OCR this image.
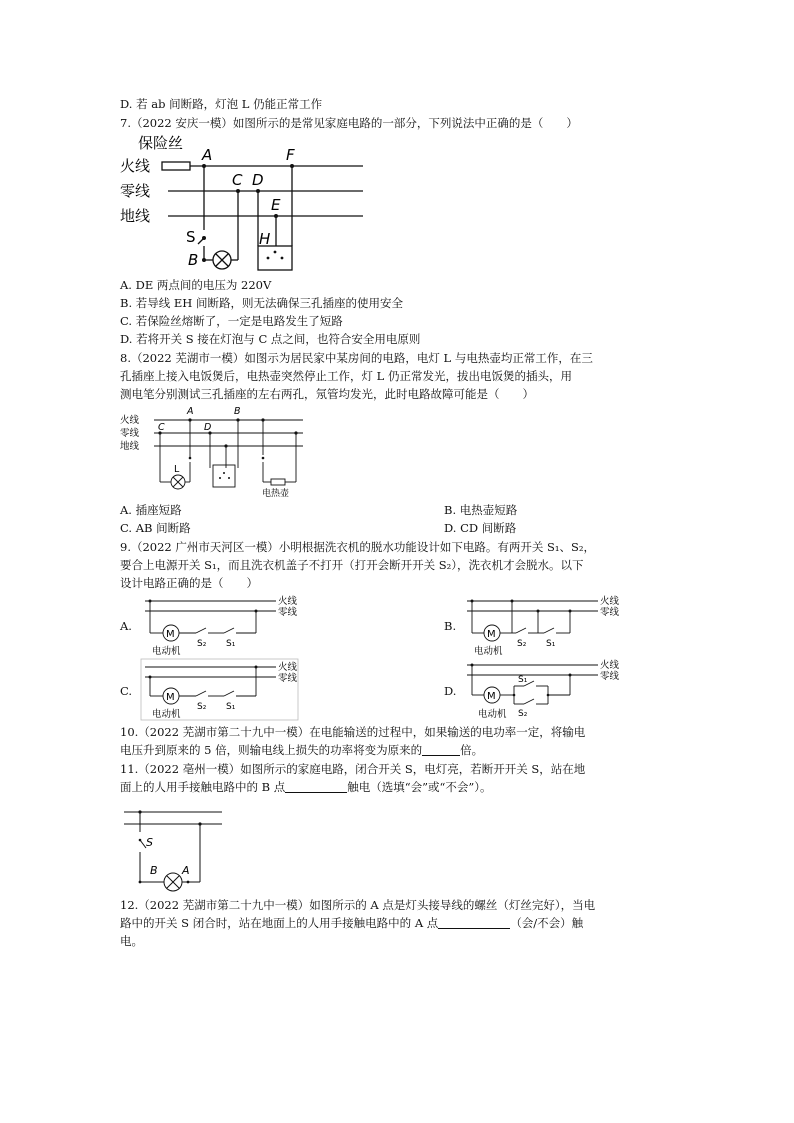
D. 若 ab 间断路，灯泡 L 仍能正常工作
7.（2022 安庆一模）如图所示的是常见家庭电路的一部分，下列说法中正确的是（　　）
火线
零线
地线
保险丝
A
C D
E
F
H
S
B
A. DE 两点间的电压为 220V
B. 若导线 EH 间断路，则无法确保三孔插座的使用安全
C. 若保险丝熔断了，一定是电路发生了短路
D. 若将开关 S 接在灯泡与 C 点之间，也符合安全用电原则
8.（2022 芜湖市一模）如图示为居民家中某房间的电路，电灯 L 与电热壶均正常工作，在三
孔插座上接入电饭煲后，电热壶突然停止工作，灯 L 仍正常发光，拔出电饭煲的插头，用
测电笔分别测试三孔插座的左右两孔，氖管均发光，此时电路故障可能是（　　）
火线
零线
地线
A	B
C	D
L
电热壶
A. 插座短路	B. 电热壶短路
C. AB 间断路	D. CD 间断路
9.（2022 广州市天河区一模）小明根据洗衣机的脱水功能设计如下电路。有两开关 S₁、S₂，
要合上电源开关 S₁，而且洗衣机盖子不打开（打开会断开开关 S₂），洗衣机才会脱水。以下
设计电路正确的是（　　）
A.
M
火线
零线
S₂ S₁
电动机
B.
M
火线
零线
S₂ S₁
电动机
C.	M
火线
零线
S₂ S₁
电动机
D.	M
火线
零线
S₁
S₂
电动机
10.（2022 芜湖市第二十九中一模）在电能输送的过程中，如果输送的电功率一定，将输电
电压升到原来的 5 倍，则输电线上损失的功率将变为原来的	倍。
11.（2022 亳州一模）如图所示的家庭电路，闭合开关 S，电灯亮，若断开开关 S，站在地
面上的人用手接触电路中的 B 点	触电（选填“会”或“不会”）。
S
B A
12.（2022 芜湖市第二十九中一模）如图所示的 A 点是灯头接导线的螺丝（灯丝完好），当电
路中的开关 S 闭合时，站在地面上的人用手接触电路中的 A 点	（会/不会）触
电。
